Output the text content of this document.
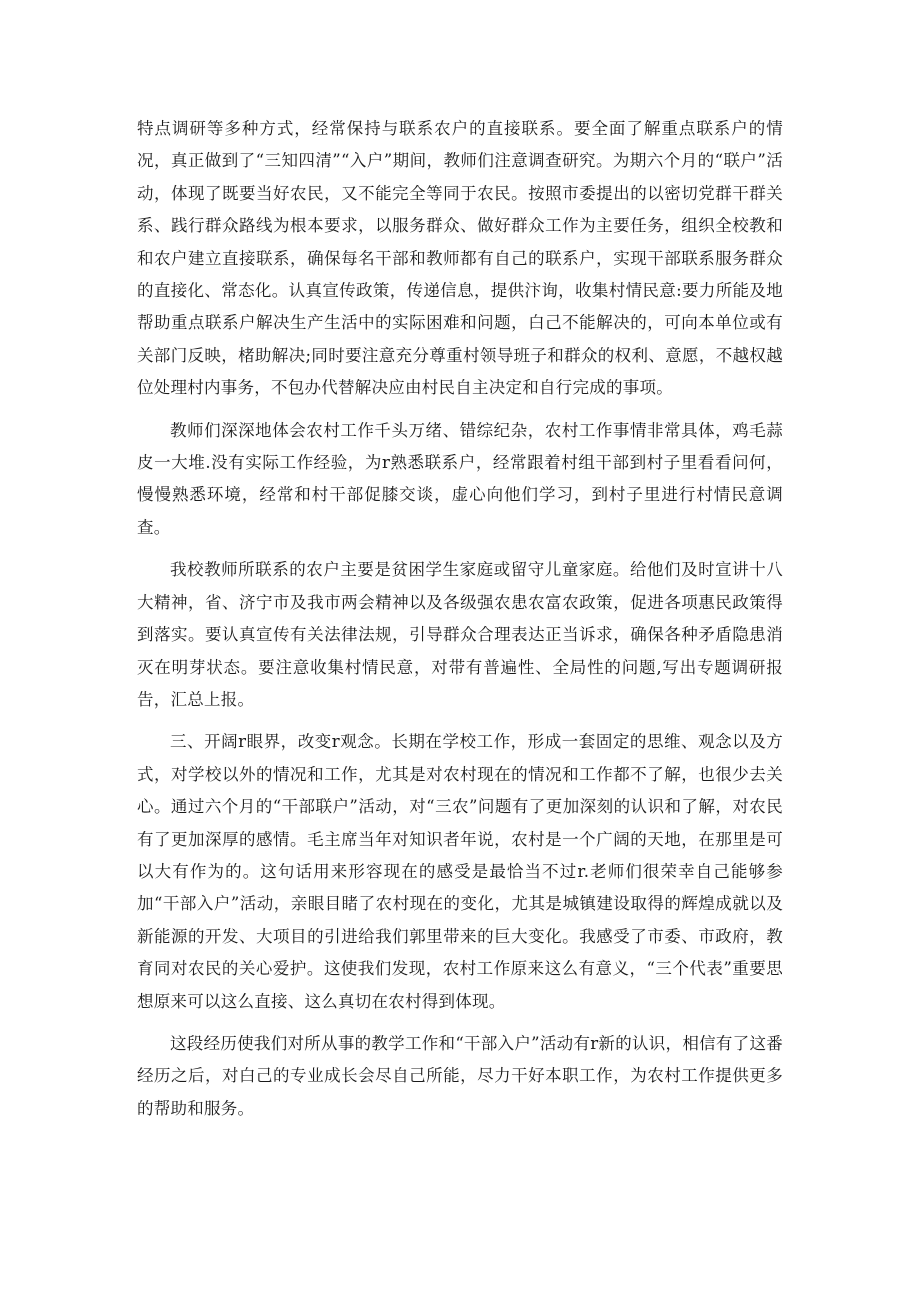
特点调研等多种方式，经常保持与联系农户的直接联系。要全面了解重点联系户的情况，真正做到了“三知四清”“入户”期间，教师们注意调查研究。为期六个月的“联户”活动，体现了既要当好农民，又不能完全等同于农民。按照市委提出的以密切党群干群关系、践行群众路线为根本要求，以服务群众、做好群众工作为主要任务，组织全校教和和农户建立直接联系，确保每名干部和教师都有自己的联系户，实现干部联系服务群众的直接化、常态化。认真宣传政策，传递信息，提供汴询，收集村情民意:要力所能及地帮助重点联系户解决生产生活中的实际困难和问题，白己不能解决的，可向本单位或有关部门反映，楮助解决;同时要注意充分尊重村领导班子和群众的权利、意愿，不越权越位处理村内事务，不包办代替解决应由村民自主决定和自行完成的事项。

教师们深深地体会农村工作千头万绪、错综纪杂，农村工作事情非常具体，鸡毛蒜皮一大堆.没有实际工作经验，为r熟悉联系户，经常跟着村组干部到村子里看看问何，慢慢熟悉环境，经常和村干部促膝交谈，虚心向他们学习，到村子里进行村情民意调查。

我校教师所联系的农户主要是贫困学生家庭或留守儿童家庭。给他们及时宣讲十八大精神，省、济宁市及我市两会精神以及各级强农患农富农政策，促进各项惠民政策得到落实。要认真宣传有关法律法规，引导群众合理表达正当诉求，确保各种矛盾隐患消灭在明芽状态。要注意收集村情民意，对带有普遍性、全局性的问题,写出专题调研报告，汇总上报。

三、开阔r眼界，改变r观念。长期在学校工作，形成一套固定的思维、观念以及方式，对学校以外的情况和工作，尤其是对农村现在的情况和工作都不了解，也很少去关心。通过六个月的“干部联户”活动，对“三农”问题有了更加深刻的认识和了解，对农民有了更加深厚的感情。毛主席当年对知识者年说，农村是一个广阔的天地，在那里是可以大有作为的。这句话用来形容现在的感受是最恰当不过r.老师们很荣幸自己能够参加“干部入户”活动，亲眼目睹了农村现在的变化，尤其是城镇建设取得的辉煌成就以及新能源的开发、大项目的引进给我们郭里带来的巨大变化。我感受了市委、市政府，教育同对农民的关心爱护。这使我们发现，农村工作原来这么有意义，“三个代表”重要思想原来可以这么直接、这么真切在农村得到体现。

这段经历使我们对所从事的教学工作和“干部入户”活动有r新的认识，相信有了这番经历之后，对白己的专业成长会尽自己所能，尽力干好本职工作，为农村工作提供更多的帮助和服务。
